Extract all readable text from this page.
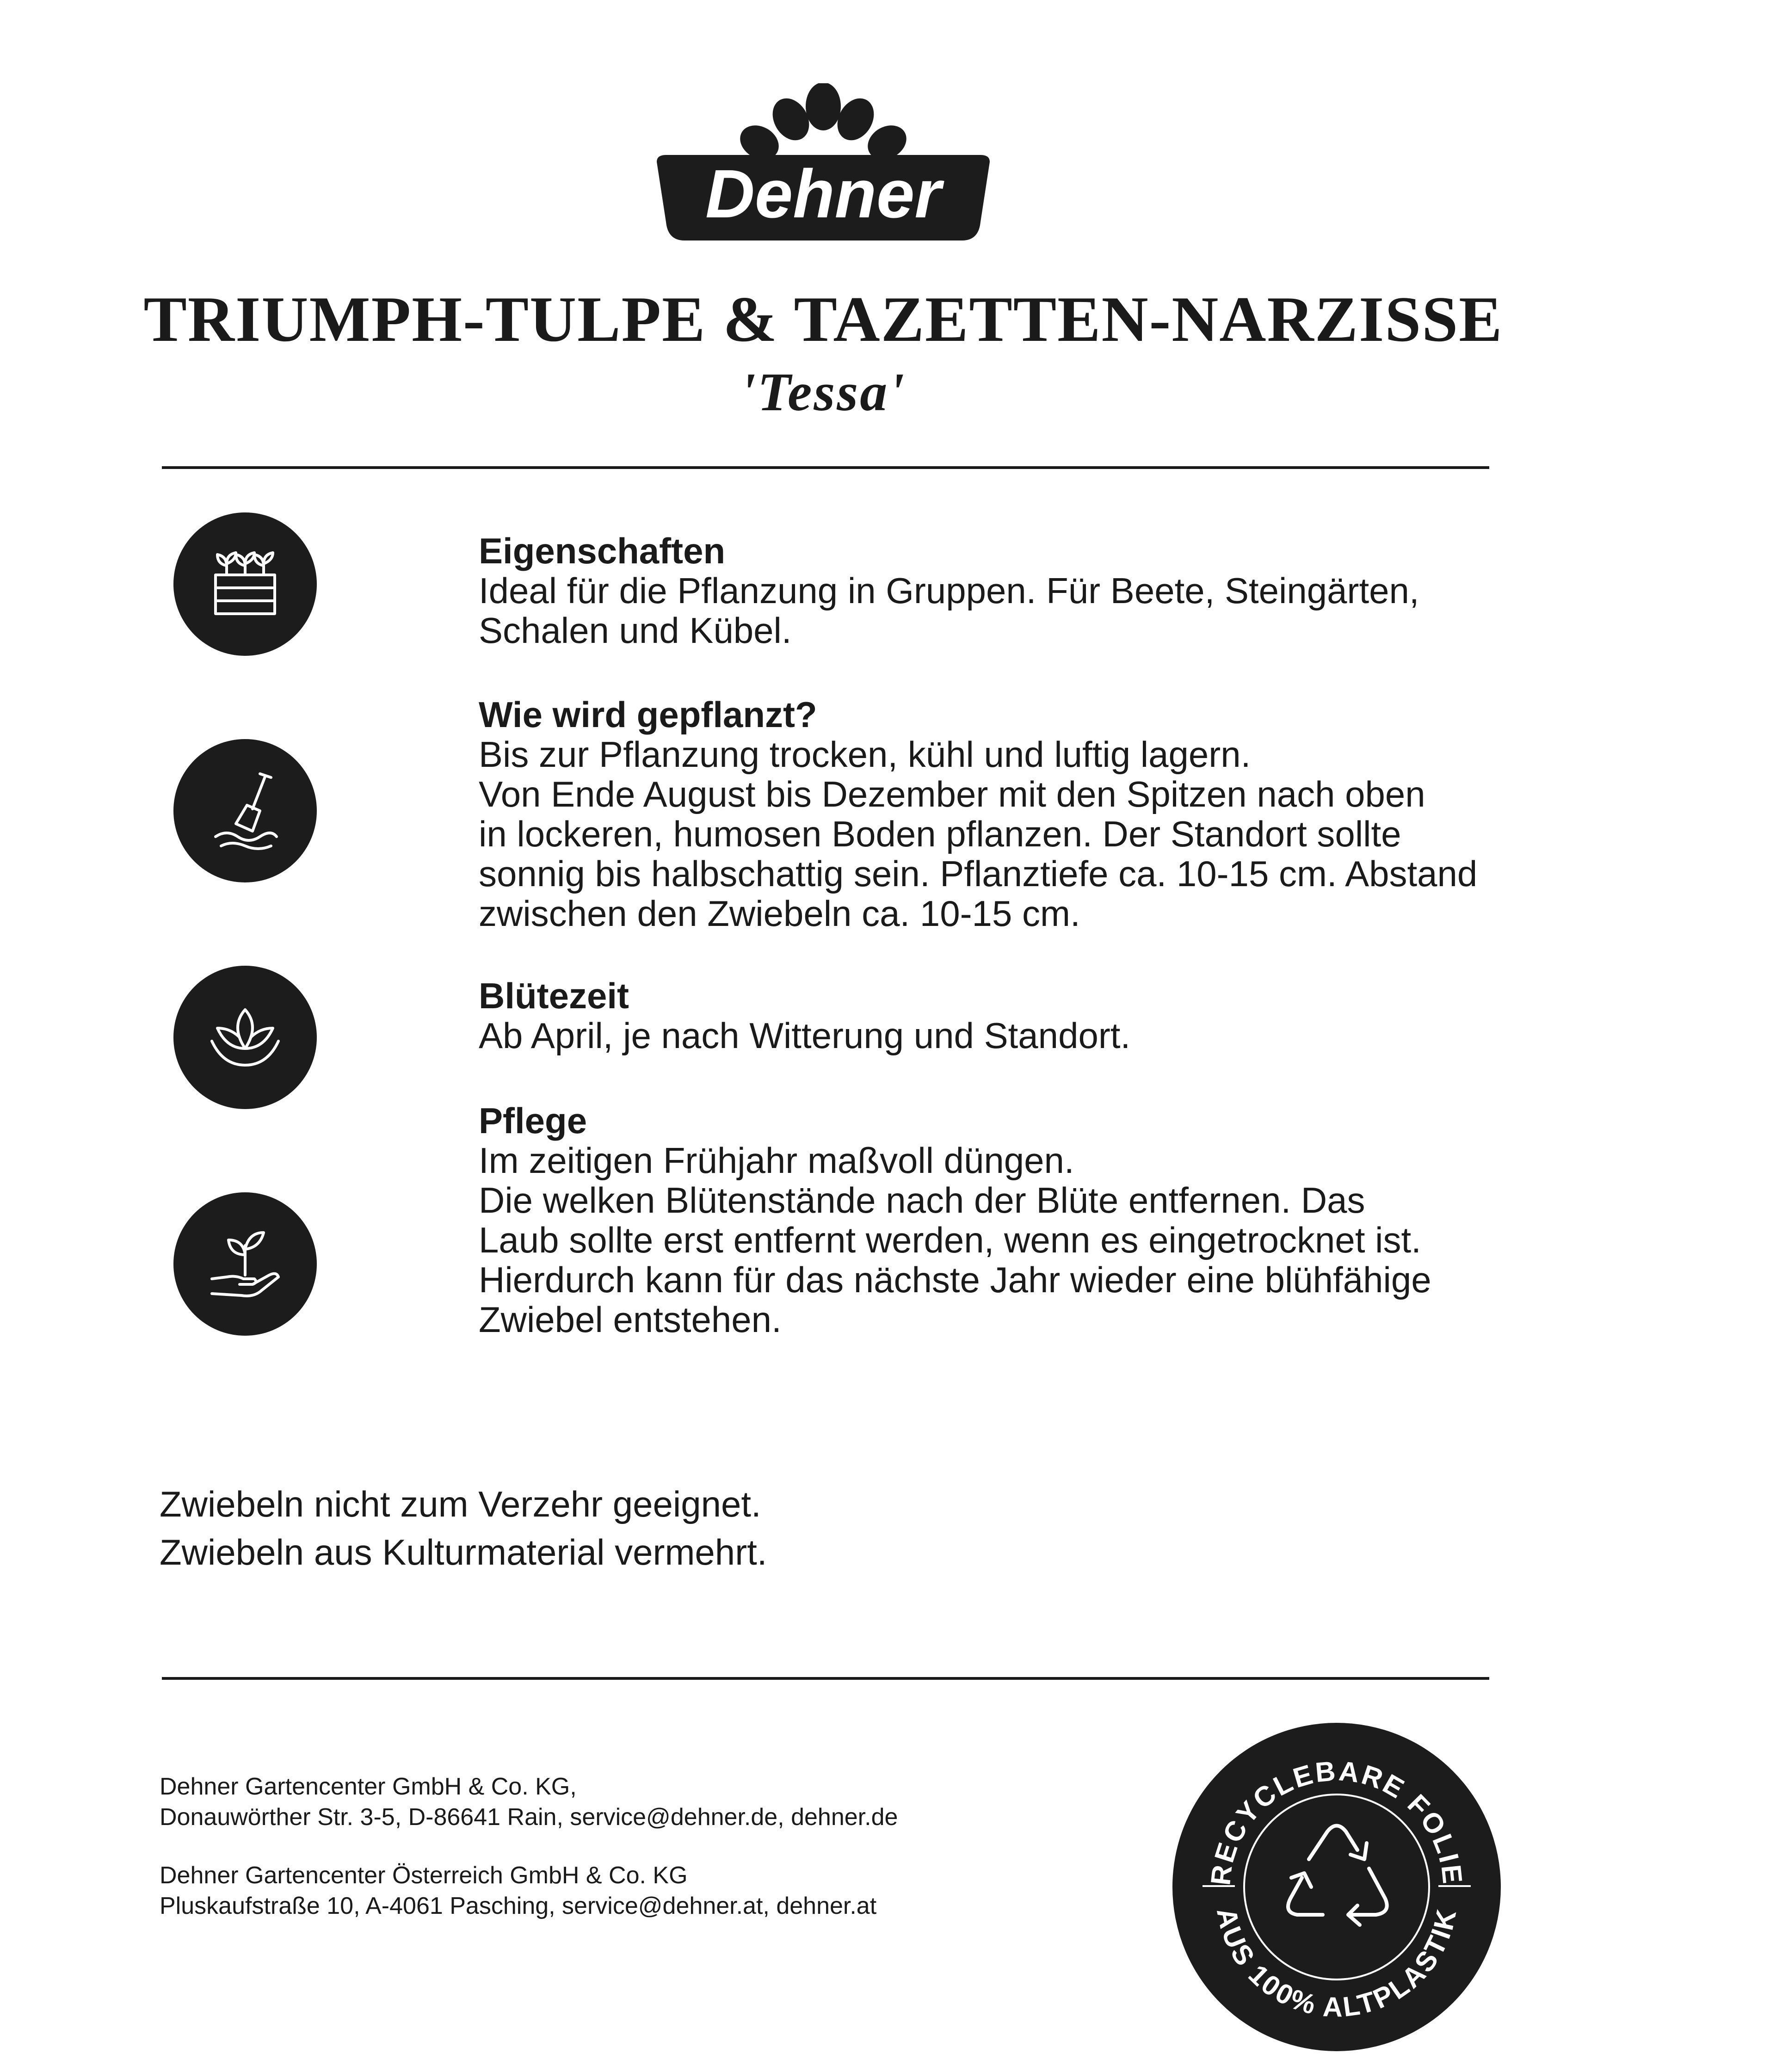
Dehner
TRIUMPH-TULPE & TAZETTEN-NARZISSE
'Tessa'
Eigenschaften

Ideal für die Pflanzung in Gruppen. Für Beete, Steingärten,

Schalen und Kübel.

Wie wird gepflanzt?

Bis zur Pflanzung trocken, kühl und luftig lagern.

Von Ende August bis Dezember mit den Spitzen nach oben

in lockeren, humosen Boden pflanzen. Der Standort sollte

sonnig bis halbschattig sein. Pflanztiefe ca. 10-15 cm. Abstand

zwischen den Zwiebeln ca. 10-15 cm.

Blütezeit

Ab April, je nach Witterung und Standort.

Pflege

Im zeitigen Frühjahr maßvoll düngen.

Die welken Blütenstände nach der Blüte entfernen. Das

Laub sollte erst entfernt werden, wenn es eingetrocknet ist.

Hierdurch kann für das nächste Jahr wieder eine blühfähige

Zwiebel entstehen.

Zwiebeln nicht zum Verzehr geeignet.

Zwiebeln aus Kulturmaterial vermehrt.

Dehner Gartencenter GmbH & Co. KG,

Donauwörther Str. 3-5, D-86641 Rain, service@dehner.de, dehner.de

Dehner Gartencenter Österreich GmbH & Co. KG

Pluskaufstraße 10, A-4061 Pasching, service@dehner.at, dehner.at

RECYCLEBARE FOLIE
AUS 100% ALTPLASTIK
